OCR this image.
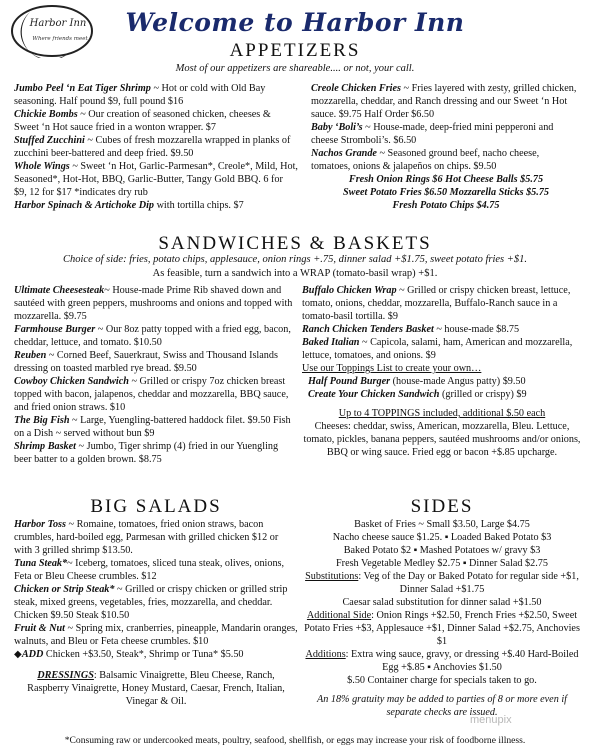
Harbor Inn
Where friends meet
Welcome to Harbor Inn
APPETIZERS
Most of our appetizers are shareable.... or not, your call.

Jumbo Peel ‘n Eat Tiger Shrimp ~ Hot or cold with Old Bay seasoning. Half pound $9, full pound $16

Chickie Bombs ~ Our creation of seasoned chicken, cheeses & Sweet ‘n Hot sauce fried in a wonton wrapper. $7

Stuffed Zucchini ~ Cubes of fresh mozzarella wrapped in planks of zucchini beer-battered and deep fried. $9.50

Whole Wings ~ Sweet ‘n Hot, Garlic-Parmesan*, Creole*, Mild, Hot, Seasoned*, Hot-Hot, BBQ, Garlic-Butter, Tangy Gold BBQ. 6 for $9, 12 for $17 *indicates dry rub

Harbor Spinach & Artichoke Dip with tortilla chips. $7

Creole Chicken Fries ~ Fries layered with zesty, grilled chicken, mozzarella, cheddar, and Ranch dressing and our Sweet ‘n Hot sauce. $9.75 Half Order $6.50

Baby ‘Boli’s ~ House-made, deep-fried mini pepperoni and cheese Stromboli’s. $6.50

Nachos Grande ~ Seasoned ground beef, nacho cheese, tomatoes, onions & jalapeños on chips. $9.50

Fresh Onion Rings $6 Hot Cheese Balls $5.75

Sweet Potato Fries $6.50 Mozzarella Sticks $5.75

Fresh Potato Chips $4.75

SANDWICHES & BASKETS
Choice of side: fries, potato chips, applesauce, onion rings +.75, dinner salad +$1.75, sweet potato fries +$1.
As feasible, turn a sandwich into a WRAP (tomato-basil wrap) +$1.

Ultimate Cheesesteak~ House-made Prime Rib shaved down and sautéed with green peppers, mushrooms and onions and topped with mozzarella. $9.75

Farmhouse Burger ~ Our 8oz patty topped with a fried egg, bacon, cheddar, lettuce, and tomato. $10.50

Reuben ~ Corned Beef, Sauerkraut, Swiss and Thousand Islands dressing on toasted marbled rye bread. $9.50

Cowboy Chicken Sandwich ~ Grilled or crispy 7oz chicken breast topped with bacon, jalapenos, cheddar and mozzarella, BBQ sauce, and fried onion straws. $10

The Big Fish ~ Large, Yuengling-battered haddock filet. $9.50 Fish on a Dish ~ served without bun $9

Shrimp Basket ~ Jumbo, Tiger shrimp (4) fried in our Yuengling beer batter to a golden brown. $8.75

Buffalo Chicken Wrap ~ Grilled or crispy chicken breast, lettuce, tomato, onions, cheddar, mozzarella, Buffalo-Ranch sauce in a tomato-basil tortilla. $9

Ranch Chicken Tenders Basket ~ house-made $8.75

Baked Italian ~ Capicola, salami, ham, American and mozzarella, lettuce, tomatoes, and onions. $9

Use our Toppings List to create your own…

Half Pound Burger (house-made Angus patty) $9.50

Create Your Chicken Sandwich (grilled or crispy) $9

Up to 4 TOPPINGS included, additional $.50 each

Cheeses: cheddar, swiss, American, mozzarella, Bleu. Lettuce, tomato, pickles, banana peppers, sautéed mushrooms and/or onions, BBQ or wing sauce. Fried egg or bacon +$.85 upcharge.

BIG SALADS

Harbor Toss ~ Romaine, tomatoes, fried onion straws, bacon crumbles, hard-boiled egg, Parmesan with grilled chicken $12 or with 3 grilled shrimp $13.50.

Tuna Steak*~ Iceberg, tomatoes, sliced tuna steak, olives, onions, Feta or Bleu Cheese crumbles. $12

Chicken or Strip Steak* ~ Grilled or crispy chicken or grilled strip steak, mixed greens, vegetables, fries, mozzarella, and cheddar. Chicken $9.50 Steak $10.50

Fruit & Nut ~ Spring mix, cranberries, pineapple, Mandarin oranges, walnuts, and Bleu or Feta cheese crumbles. $10

◆ADD Chicken +$3.50, Steak*, Shrimp or Tuna* $5.50

DRESSINGS: Balsamic Vinaigrette, Bleu Cheese, Ranch, Raspberry Vinaigrette, Honey Mustard, Caesar, French, Italian, Vinegar & Oil.

SIDES

Basket of Fries ~ Small $3.50, Large $4.75

Nacho cheese sauce $1.25. ▪ Loaded Baked Potato $3

Baked Potato $2 ▪ Mashed Potatoes w/ gravy $3

Fresh Vegetable Medley $2.75 ▪ Dinner Salad $2.75

Substitutions: Veg of the Day or Baked Potato for regular side +$1, Dinner Salad +$1.75

Caesar salad substitution for dinner salad +$1.50

Additional Side: Onion Rings +$2.50, French Fries +$2.50, Sweet Potato Fries +$3, Applesauce +$1, Dinner Salad +$2.75, Anchovies $1

Additions: Extra wing sauce, gravy, or dressing +$.40 Hard-Boiled Egg +$.85 ▪ Anchovies $1.50

$.50 Container charge for specials taken to go.

An 18% gratuity may be added to parties of 8 or more even if separate checks are issued.

menupix
*Consuming raw or undercooked meats, poultry, seafood, shellfish, or eggs may increase your risk of foodborne illness.
